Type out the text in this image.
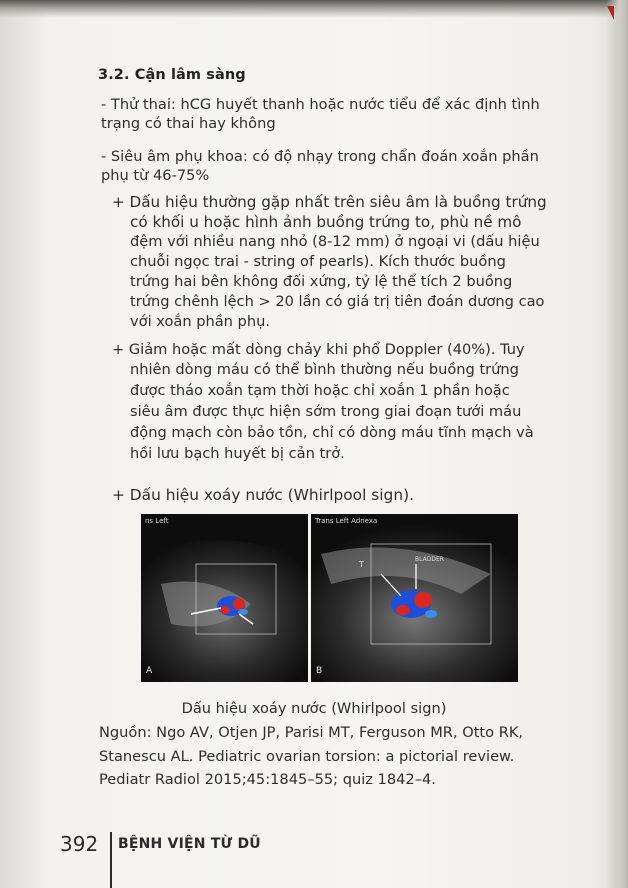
3.2. Cận lâm sàng
- Thử thai: hCG huyết thanh hoặc nước tiểu để xác định tình
trạng có thai hay không
- Siêu âm phụ khoa: có độ nhạy trong chẩn đoán xoắn phần
phụ từ 46-75%
+ Dấu hiệu thường gặp nhất trên siêu âm là buồng trứng
có khối u hoặc hình ảnh buồng trứng to, phù nề mô
đệm với nhiều nang nhỏ (8-12 mm) ở ngoại vi (dấu hiệu
chuỗi ngọc trai - string of pearls). Kích thước buồng
trứng hai bên không đối xứng, tỷ lệ thể tích 2 buồng
trứng chênh lệch > 20 lần có giá trị tiên đoán dương cao
với xoắn phần phụ.
+ Giảm hoặc mất dòng chảy khi phổ Doppler (40%). Tuy
nhiên dòng máu có thể bình thường nếu buồng trứng
được tháo xoắn tạm thời hoặc chỉ xoắn 1 phần hoặc
siêu âm được thực hiện sớm trong giai đoạn tưới máu
động mạch còn bảo tồn, chỉ có dòng máu tĩnh mạch và
hồi lưu bạch huyết bị cản trở.
+ Dấu hiệu xoáy nước (Whirlpool sign).
ns Left
A
Trans Left Adnexa
T
BLADDER
B
Dấu hiệu xoáy nước (Whirlpool sign)
Nguồn: Ngo AV, Otjen JP, Parisi MT, Ferguson MR, Otto RK,
Stanescu AL. Pediatric ovarian torsion: a pictorial review.
Pediatr Radiol 2015;45:1845–55; quiz 1842–4.
392 BỆNH VIỆN TỪ DŨ
